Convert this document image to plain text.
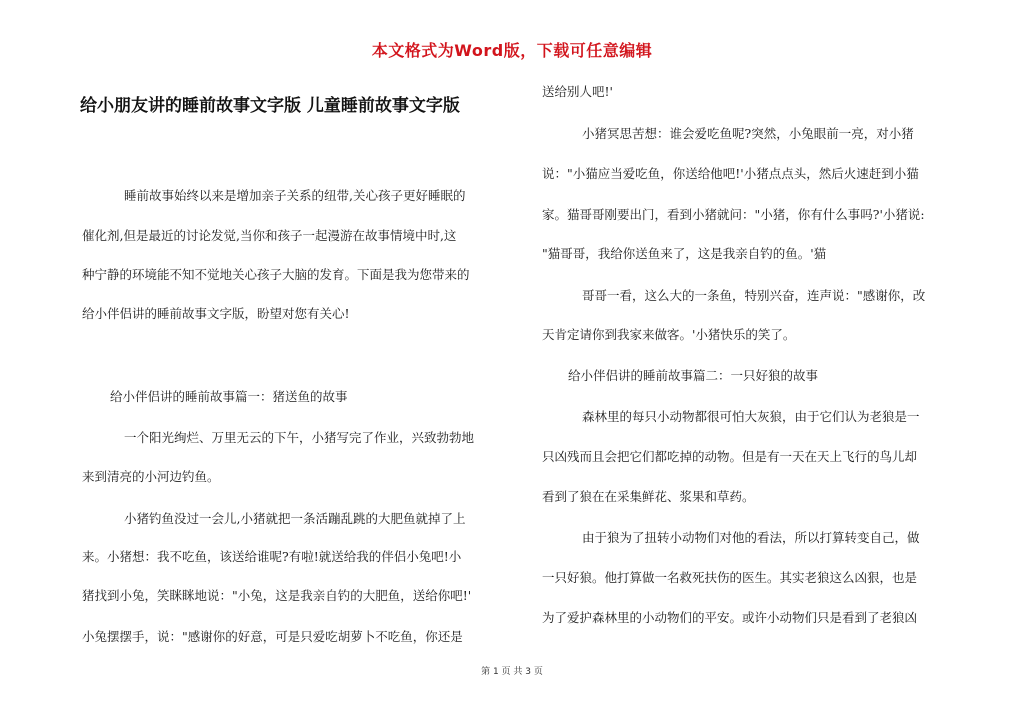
本文格式为Word版，下载可任意编辑
给小朋友讲的睡前故事文字版 儿童睡前故事文字版
睡前故事始终以来是增加亲子关系的纽带,关心孩子更好睡眠的
催化剂,但是最近的讨论发觉,当你和孩子一起漫游在故事情境中时,这
种宁静的环境能不知不觉地关心孩子大脑的发育。下面是我为您带来的
给小伴侣讲的睡前故事文字版，盼望对您有关心!
给小伴侣讲的睡前故事篇一：猪送鱼的故事
一个阳光绚烂、万里无云的下午，小猪写完了作业，兴致勃勃地
来到清亮的小河边钓鱼。
小猪钓鱼没过一会儿,小猪就把一条活蹦乱跳的大肥鱼就掉了上
来。小猪想：我不吃鱼，该送给谁呢?有啦!就送给我的伴侣小兔吧!小
猪找到小兔，笑眯眯地说："小兔，这是我亲自钓的大肥鱼，送给你吧!'
小兔摆摆手，说："感谢你的好意，可是只爱吃胡萝卜不吃鱼，你还是
送给别人吧!'
小猪冥思苦想：谁会爱吃鱼呢?突然，小兔眼前一亮，对小猪
说："小猫应当爱吃鱼，你送给他吧!'小猪点点头，然后火速赶到小猫
家。猫哥哥刚要出门，看到小猪就问："小猪，你有什么事吗?'小猪说:
"猫哥哥，我给你送鱼来了，这是我亲自钓的鱼。'猫
哥哥一看，这么大的一条鱼，特别兴奋，连声说："感谢你，改
天肯定请你到我家来做客。'小猪快乐的笑了。
给小伴侣讲的睡前故事篇二：一只好狼的故事
森林里的每只小动物都很可怕大灰狼，由于它们认为老狼是一
只凶残而且会把它们都吃掉的动物。但是有一天在天上飞行的鸟儿却
看到了狼在在采集鲜花、浆果和草药。
由于狼为了扭转小动物们对他的看法，所以打算转变自己，做
一只好狼。他打算做一名救死扶伤的医生。其实老狼这么凶狠，也是
为了爱护森林里的小动物们的平安。或许小动物们只是看到了老狼凶
第 1 页 共 3 页
